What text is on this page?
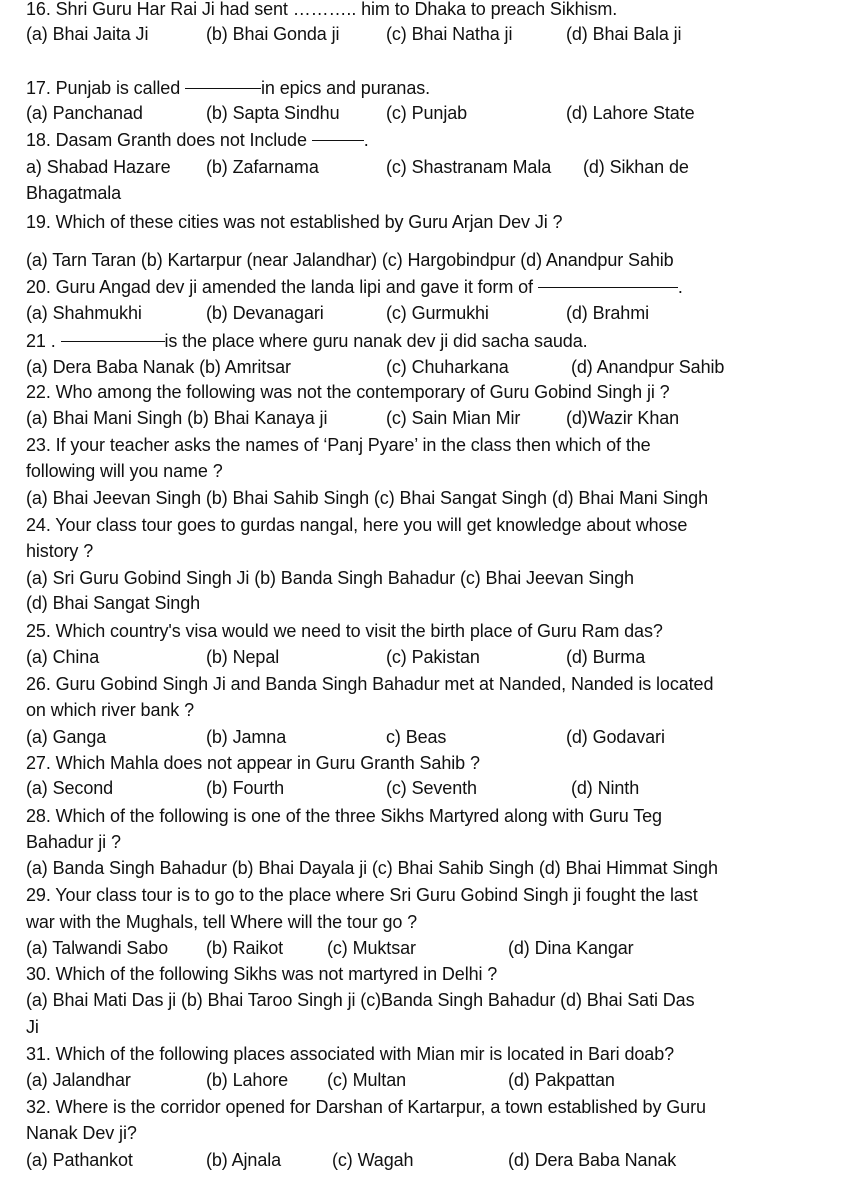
16. Shri Guru Har Rai Ji had sent ……….. him to Dhaka to preach Sikhism.
(a) Bhai Jaita Ji	(b) Bhai Gonda ji	(c) Bhai Natha ji	(d) Bhai Bala ji
17. Punjab is called	in epics and puranas.
(a) Panchanad	(b) Sapta Sindhu	(c) Punjab	(d) Lahore State
18. Dasam Granth does not Include	.
a) Shabad Hazare (b) Zafarnama	(c) Shastranam Mala (d) Sikhan de
Bhagatmala
19. Which of these cities was not established by Guru Arjan Dev Ji ?
(a) Tarn Taran (b) Kartarpur (near Jalandhar) (c) Hargobindpur (d) Anandpur Sahib
20. Guru Angad dev ji amended the landa lipi and gave it form of	.
(a) Shahmukhi	(b) Devanagari	(c) Gurmukhi	(d) Brahmi
21 .	is the place where guru nanak dev ji did sacha sauda.
(a) Dera Baba Nanak (b) Amritsar	(c) Chuharkana	(d) Anandpur Sahib
22. Who among the following was not the contemporary of Guru Gobind Singh ji ?
(a) Bhai Mani Singh (b) Bhai Kanaya ji	(c) Sain Mian Mir	(d)Wazir Khan
23. If your teacher asks the names of ‘Panj Pyare’ in the class then which of the
following will you name ?
(a) Bhai Jeevan Singh (b) Bhai Sahib Singh (c) Bhai Sangat Singh (d) Bhai Mani Singh
24. Your class tour goes to gurdas nangal, here you will get knowledge about whose
history ?
(a) Sri Guru Gobind Singh Ji (b) Banda Singh Bahadur (c) Bhai Jeevan Singh
(d) Bhai Sangat Singh
25. Which country's visa would we need to visit the birth place of Guru Ram das?
(a) China	(b) Nepal	(c) Pakistan	(d) Burma
26. Guru Gobind Singh Ji and Banda Singh Bahadur met at Nanded, Nanded is located
on which river bank ?
(a) Ganga	(b) Jamna	c) Beas	(d) Godavari
27. Which Mahla does not appear in Guru Granth Sahib ?
(a) Second	(b) Fourth	(c) Seventh	(d) Ninth
28. Which of the following is one of the three Sikhs Martyred along with Guru Teg
Bahadur ji ?
(a) Banda Singh Bahadur (b) Bhai Dayala ji (c) Bhai Sahib Singh (d) Bhai Himmat Singh
29. Your class tour is to go to the place where Sri Guru Gobind Singh ji fought the last
war with the Mughals, tell Where will the tour go ?
(a) Talwandi Sabo (b) Raikot (c) Muktsar	(d) Dina Kangar
30. Which of the following Sikhs was not martyred in Delhi ?
(a) Bhai Mati Das ji (b) Bhai Taroo Singh ji (c)Banda Singh Bahadur (d) Bhai Sati Das
Ji
31. Which of the following places associated with Mian mir is located in Bari doab?
(a) Jalandhar	(b) Lahore (c) Multan	(d) Pakpattan
32. Where is the corridor opened for Darshan of Kartarpur, a town established by Guru
Nanak Dev ji?
(a) Pathankot	(b) Ajnala	(c) Wagah	(d) Dera Baba Nanak
